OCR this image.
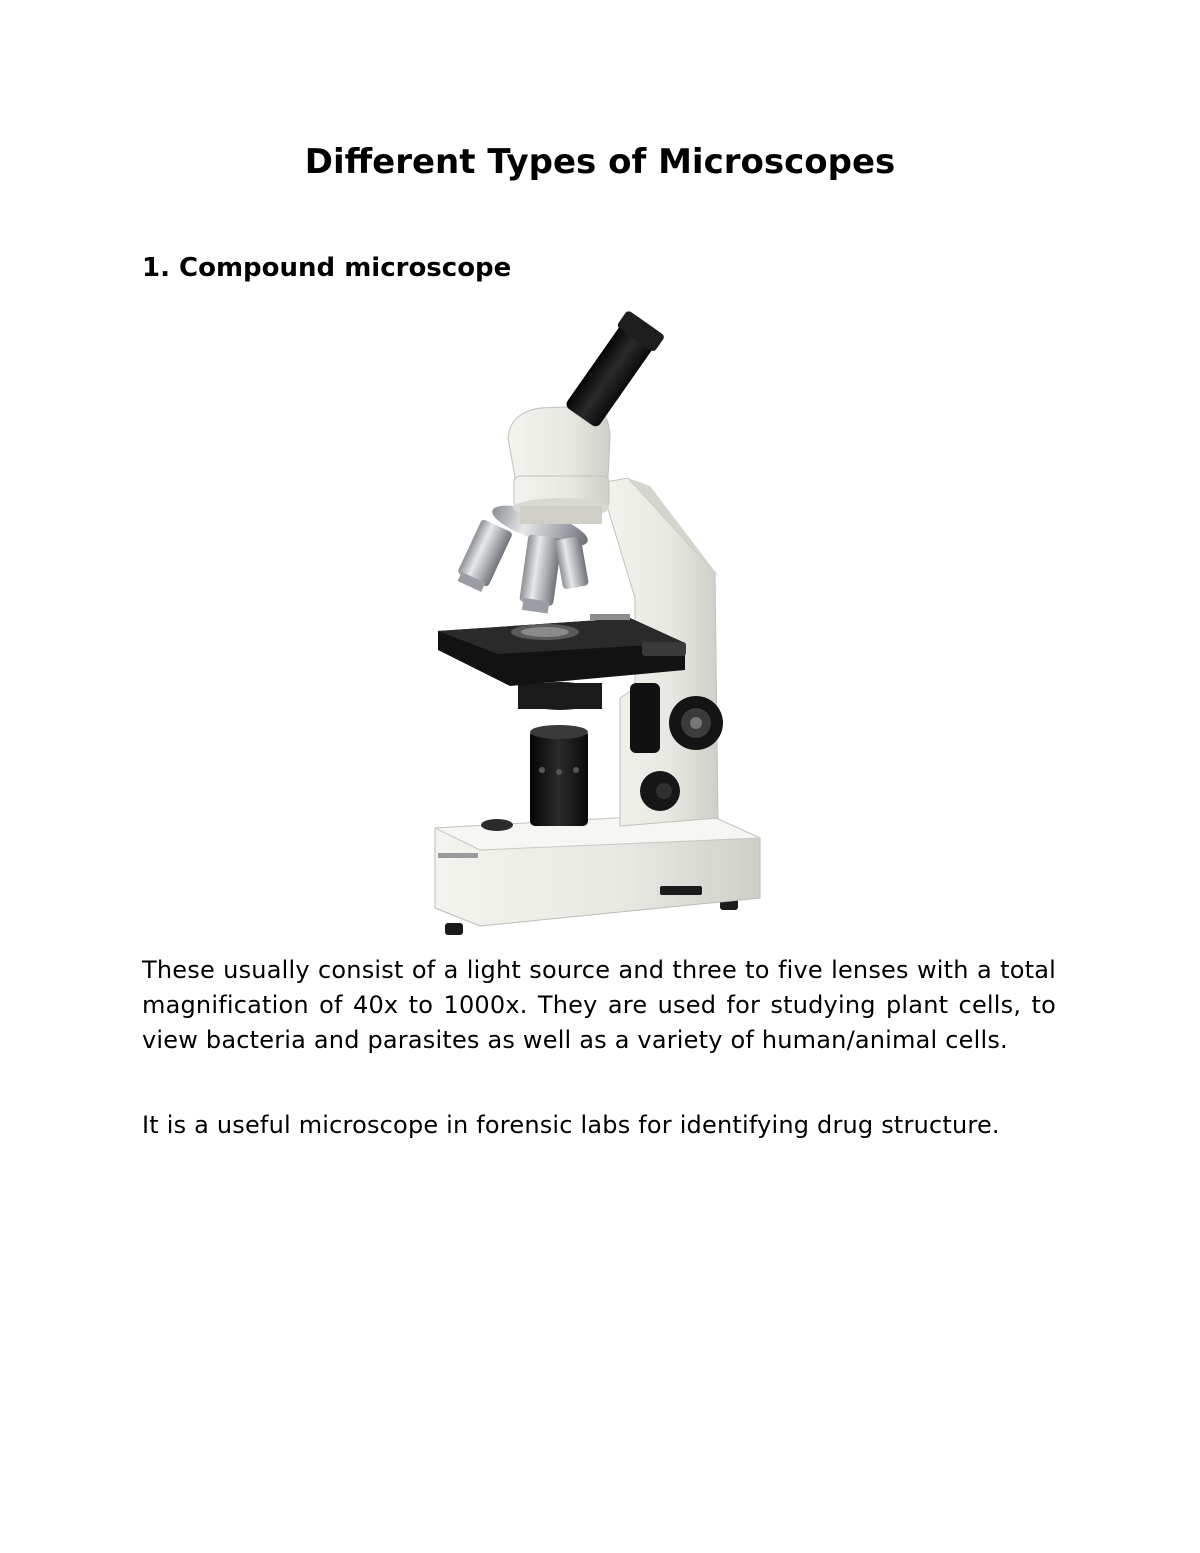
Different Types of Microscopes
1. Compound microscope

These usually consist of a light source and three to five lenses with a total magnification of 40x to 1000x. They are used for studying plant cells, to view bacteria and parasites as well as a variety of human/animal cells.

It is a useful microscope in forensic labs for identifying drug structure.
